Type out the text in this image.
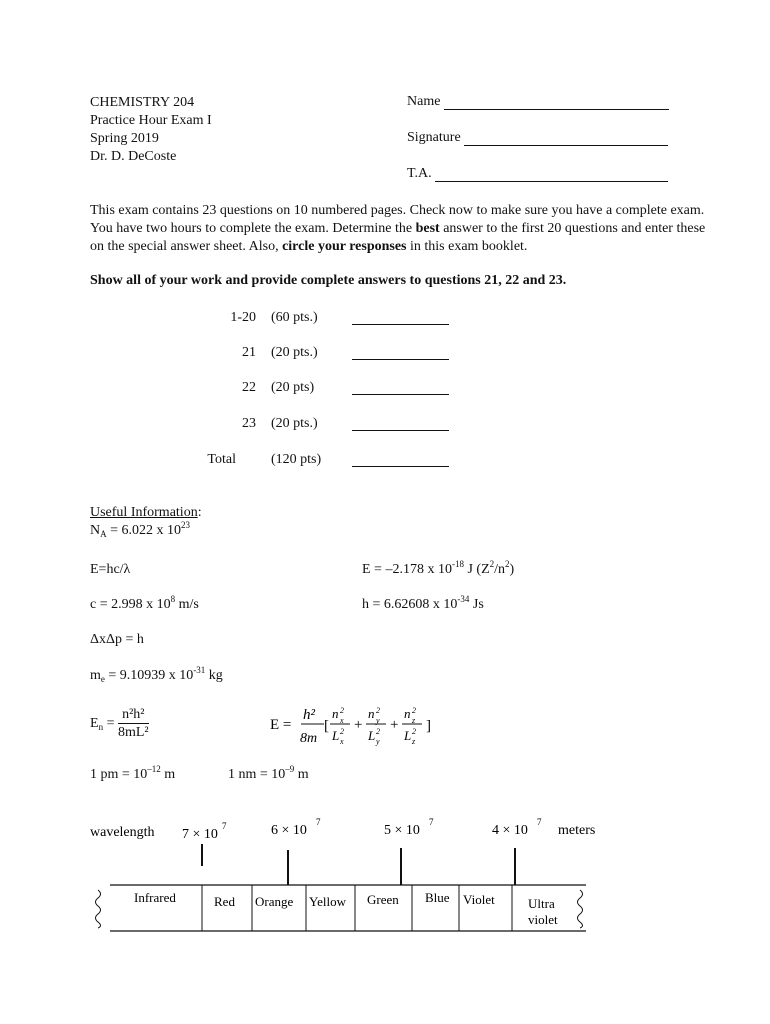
CHEMISTRY 204
Practice Hour Exam I
Spring 2019
Dr. D. DeCoste
Name
Signature
T.A.
This exam contains 23 questions on 10 numbered pages. Check now to make sure you have a complete exam. You have two hours to complete the exam. Determine the best answer to the first 20 questions and enter these on the special answer sheet. Also, circle your responses in this exam booklet.
Show all of your work and provide complete answers to questions 21, 22 and 23.
1-20 (60 pts.)
21 (20 pts.)
22 (20 pts)
23 (20 pts.)
Total	(120 pts)
Useful Information:
$N_A = 6.022$ x $10^{23}$
E=hc/λ	E = –2.178 x $10^{-18}$ J $(Z^2/n^2)$
c = 2.998 x $10^8$ m/s	h = 6.62608 x $10^{-34}$ Js
ΔxΔp = h
$m_e = 9.10939$ x $10^{-31}$ kg
$E_n = \frac{\text{n²h²}}{\text{8mL²}}$	E =
h²
8m
[
n x
2
L x
2 +
n y
2
L y
2 +
n z
2
L z
2 ]
1 pm = $10^{-12}$ m	1 nm = $10^{-9}$ m
wavelength 7 × 10
7	6 × 10
7
5 × 10
7
4 × 10
7
meters
Infrared	Red Orange Yellow Green Blue Violet	Ultra
violet
